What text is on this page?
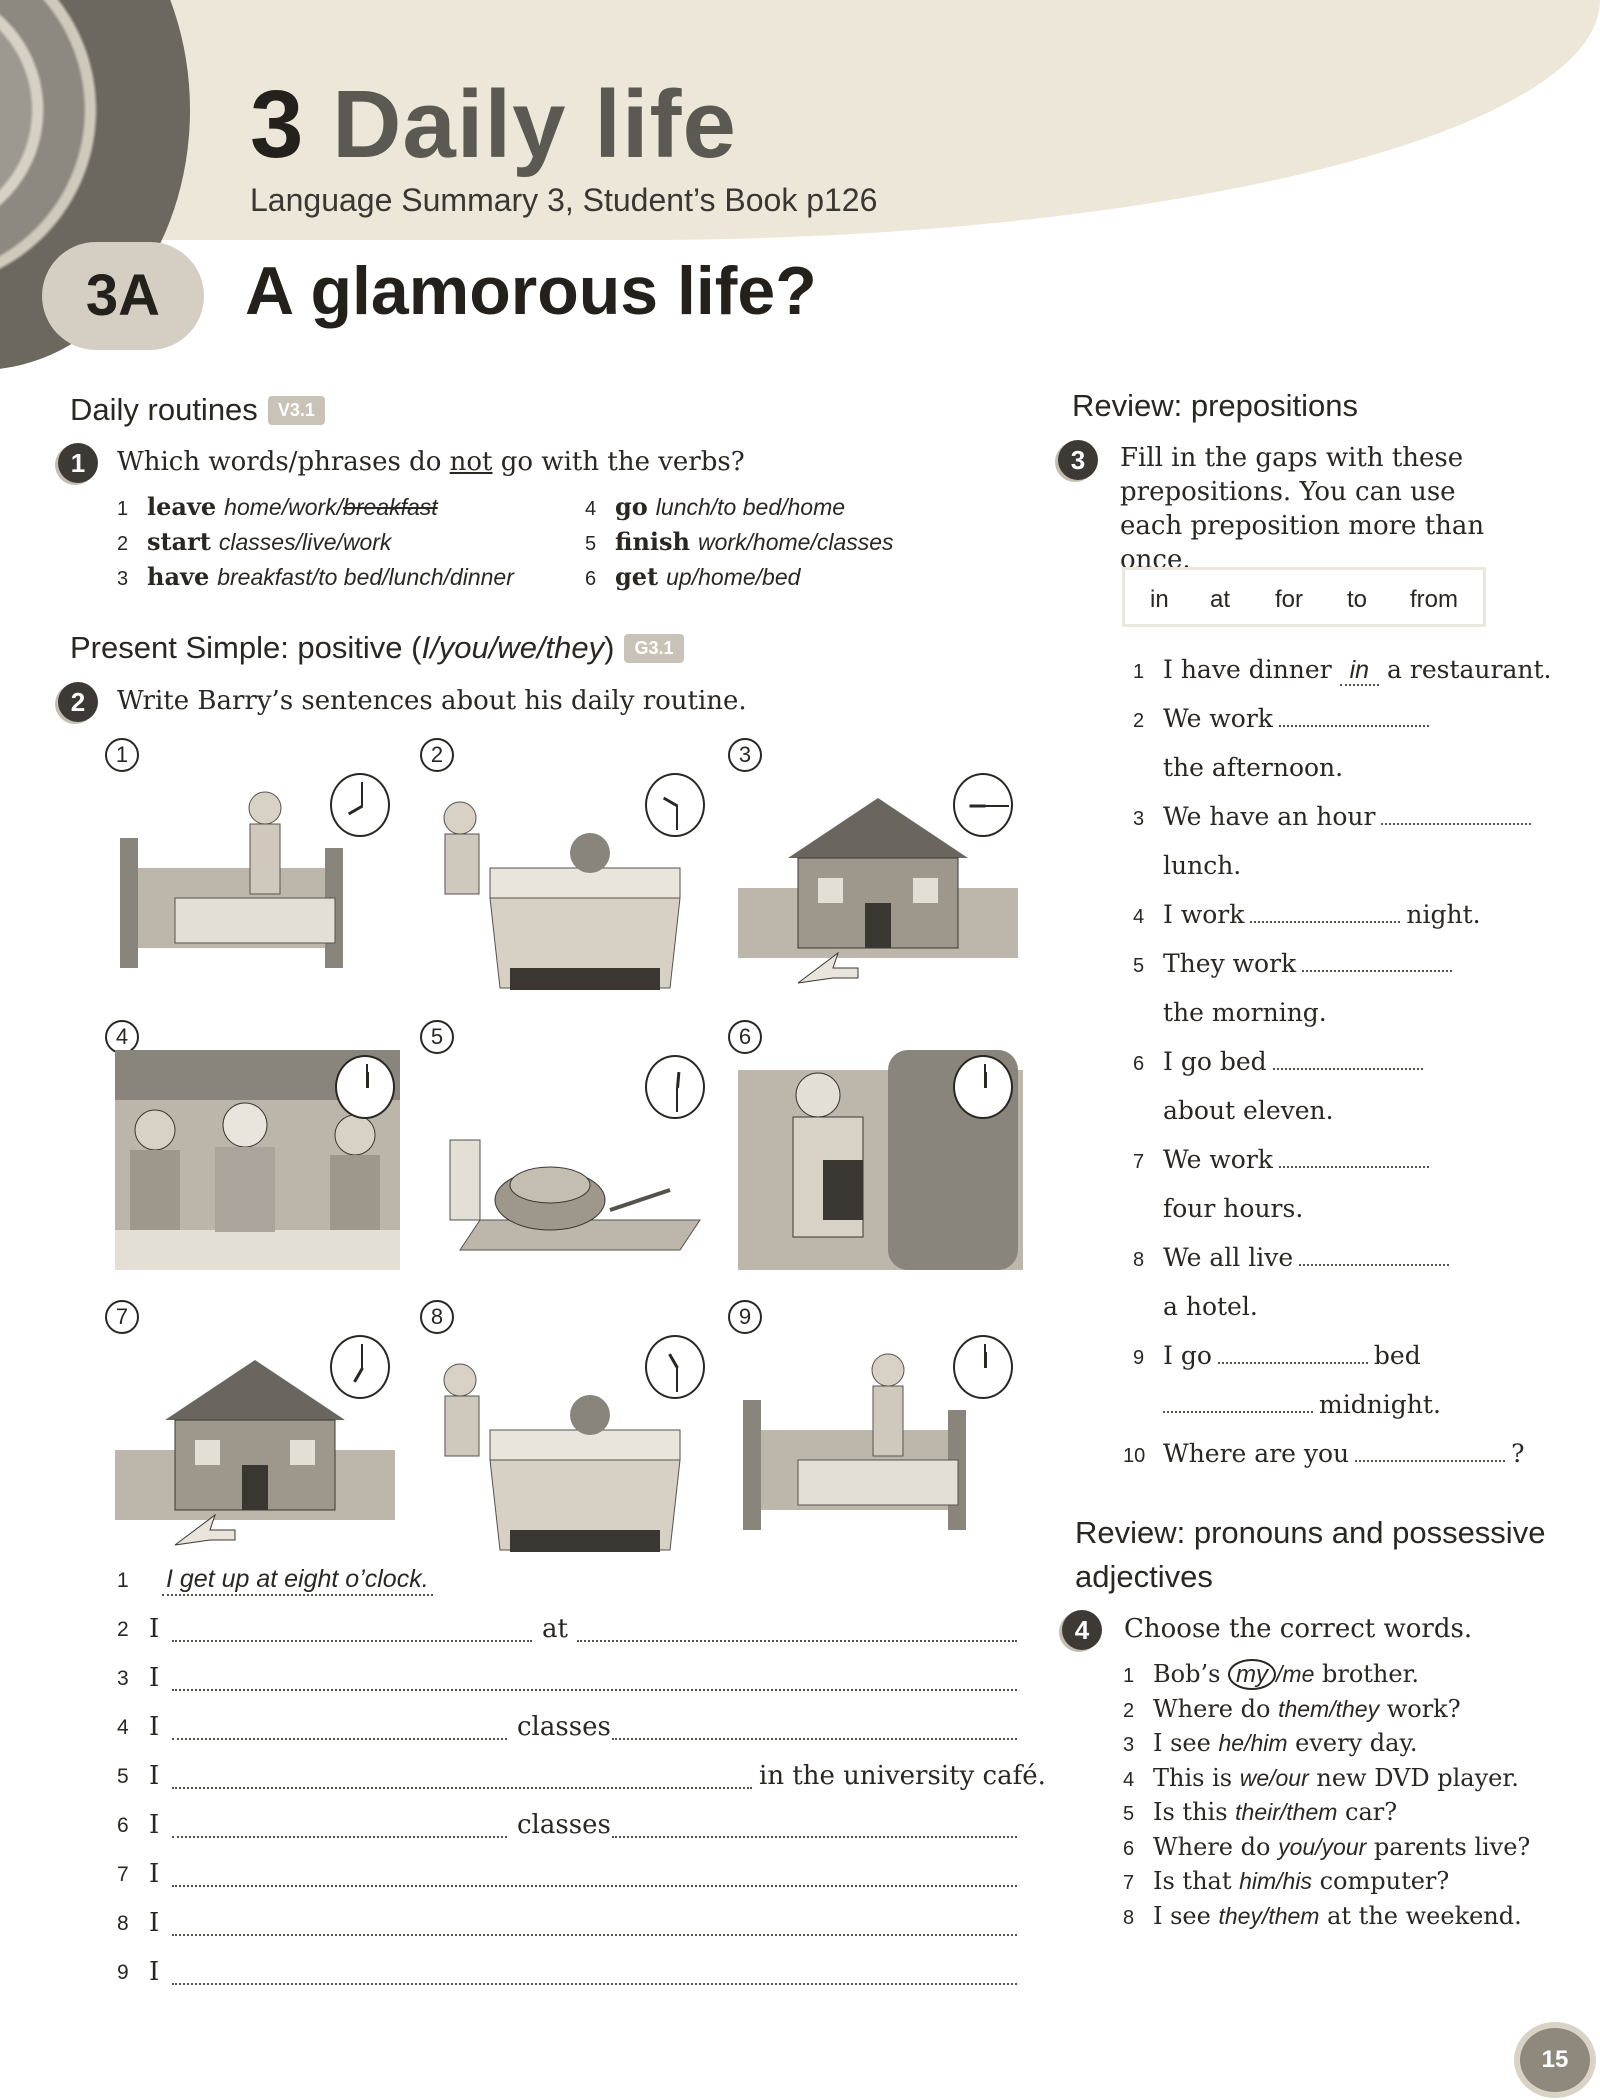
3 Daily life
Language Summary 3, Student’s Book p126
3A	A glamorous life?
Daily routines V3.1
1	Which words/phrases do not go with the verbs?
1 leave home/work/breakfast
2 start classes/live/work
3 have breakfast/to bed/lunch/dinner
4 go lunch/to bed/home
5 finish work/home/classes
6 get up/home/bed
Present Simple: positive (I/you/we/they) G3.1
2	Write Barry’s sentences about his daily routine.
1	2	3
4	5	6
7	8	9
1 I get up at eight o’clock.
2 I	at
3 I
4 I	classes
5 I	in the university café.
6 I	classes
7 I
8 I
9 I
Review: prepositions
3	Fill in the gaps with these prepositions. You can use each preposition more than once.
in at for to from
1 I have dinner in a restaurant.
2 We work
the afternoon.
3 We have an hour
lunch.
4 I work	night.
5 They work
the morning.
6 I go bed
about eleven.
7 We work
four hours.
8 We all live
a hotel.
9 I go	bed
midnight.
10 Where are you	?
Review: pronouns and possessive
adjectives
4	Choose the correct words.
1 Bob’s my /me brother.
2 Where do them/they work?
3 I see he/him every day.
4 This is we/our new DVD player.
5 Is this their/them car?
6 Where do you/your parents live?
7 Is that him/his computer?
8 I see they/them at the weekend.
15
